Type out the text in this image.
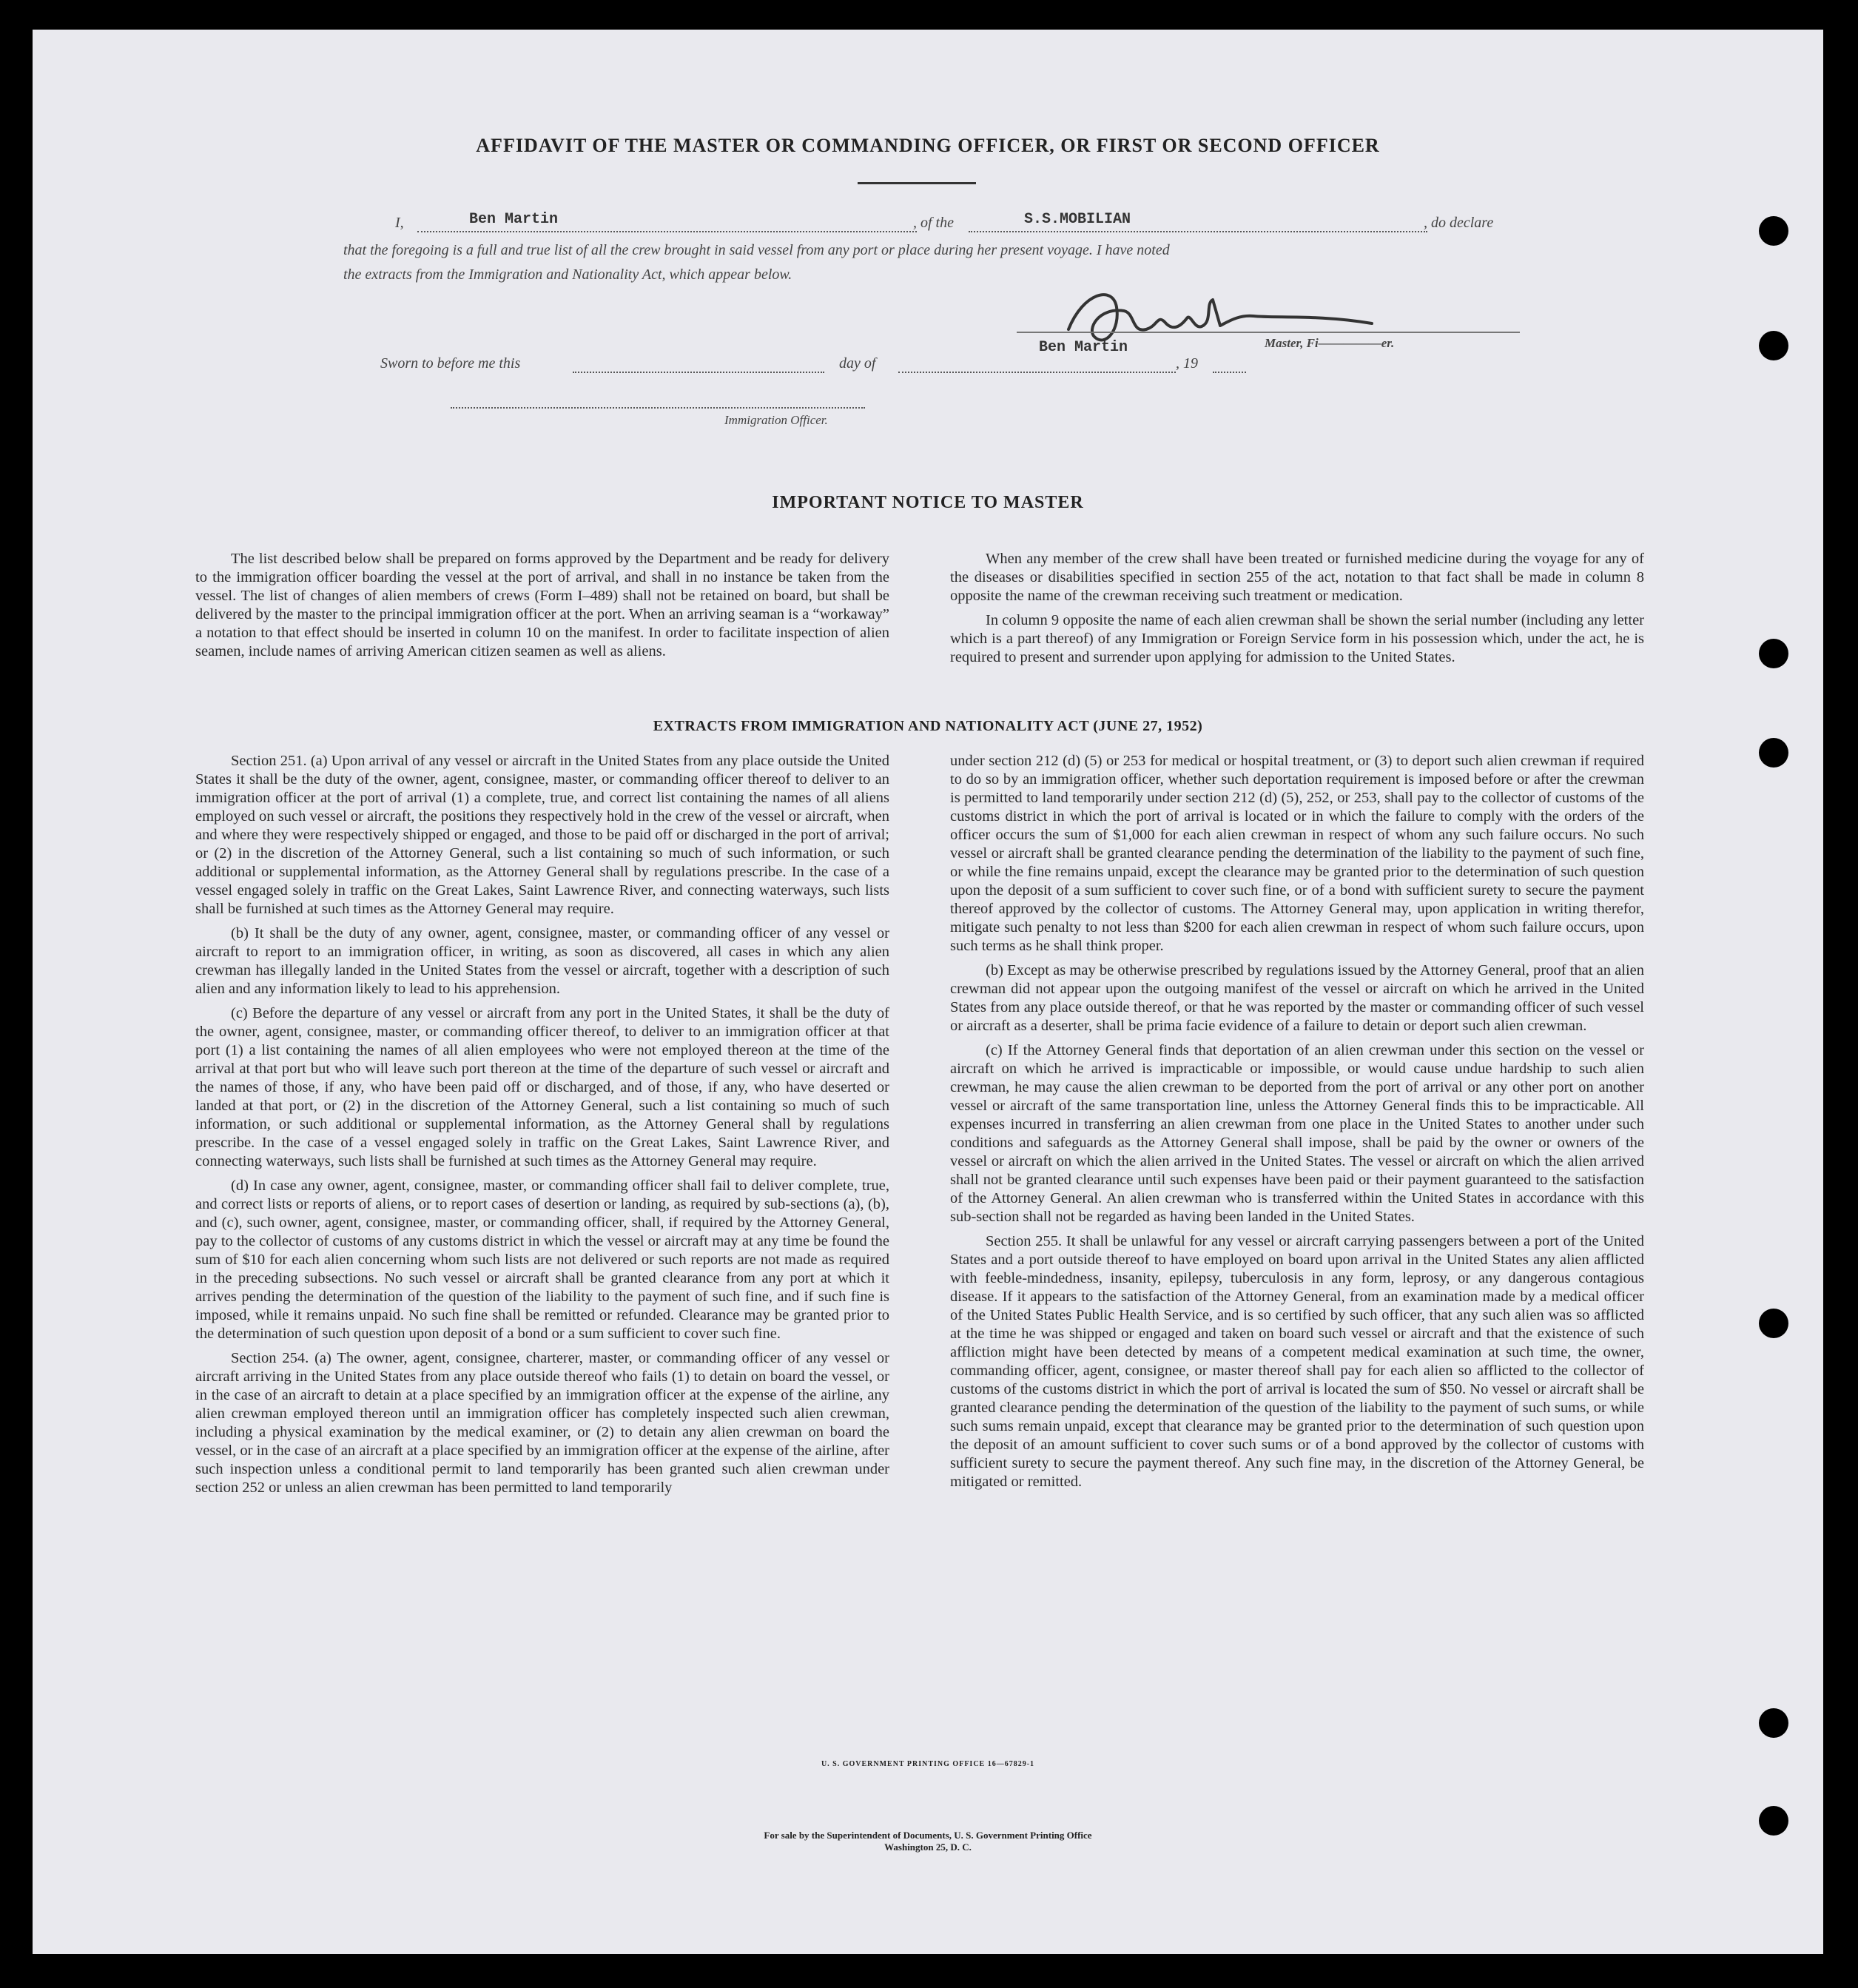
AFFIDAVIT OF THE MASTER OR COMMANDING OFFICER, OR FIRST OR SECOND OFFICER
I,	Ben Martin	, of the	S.S.MOBILIAN	, do declare
that the foregoing is a full and true list of all the crew brought in said vessel from any port or place during her present voyage. I have noted
the extracts from the Immigration and Nationality Act, which appear below.
Ben Martin	Master, Fi—————er.
Sworn to before me this	day of	, 19
Immigration Officer.
IMPORTANT NOTICE TO MASTER

The list described below shall be prepared on forms approved by the Department and be ready for delivery to the immigration officer boarding the vessel at the port of arrival, and shall in no instance be taken from the vessel. The list of changes of alien members of crews (Form I–489) shall not be retained on board, but shall be delivered by the master to the principal immigration officer at the port. When an arriving seaman is a “workaway” a notation to that effect should be inserted in column 10 on the manifest. In order to facilitate inspection of alien seamen, include names of arriving American citizen seamen as well as aliens.

When any member of the crew shall have been treated or furnished medicine during the voyage for any of the diseases or disabilities specified in section 255 of the act, notation to that fact shall be made in column 8 opposite the name of the crewman receiving such treatment or medication.

In column 9 opposite the name of each alien crewman shall be shown the serial number (including any letter which is a part thereof) of any Immigration or Foreign Service form in his possession which, under the act, he is required to present and surrender upon applying for admission to the United States.

EXTRACTS FROM IMMIGRATION AND NATIONALITY ACT (JUNE 27, 1952)

Section 251. (a) Upon arrival of any vessel or aircraft in the United States from any place outside the United States it shall be the duty of the owner, agent, consignee, master, or commanding officer thereof to deliver to an immigration officer at the port of arrival (1) a complete, true, and correct list containing the names of all aliens employed on such vessel or aircraft, the positions they respectively hold in the crew of the vessel or aircraft, when and where they were respectively shipped or engaged, and those to be paid off or discharged in the port of arrival; or (2) in the discretion of the Attorney General, such a list containing so much of such information, or such additional or supplemental information, as the Attorney General shall by regulations prescribe. In the case of a vessel engaged solely in traffic on the Great Lakes, Saint Lawrence River, and connecting waterways, such lists shall be furnished at such times as the Attorney General may require.

(b) It shall be the duty of any owner, agent, consignee, master, or commanding officer of any vessel or aircraft to report to an immigration officer, in writing, as soon as discovered, all cases in which any alien crewman has illegally landed in the United States from the vessel or aircraft, together with a description of such alien and any information likely to lead to his apprehension.

(c) Before the departure of any vessel or aircraft from any port in the United States, it shall be the duty of the owner, agent, consignee, master, or commanding officer thereof, to deliver to an immigration officer at that port (1) a list containing the names of all alien employees who were not employed thereon at the time of the arrival at that port but who will leave such port thereon at the time of the departure of such vessel or aircraft and the names of those, if any, who have been paid off or discharged, and of those, if any, who have deserted or landed at that port, or (2) in the discretion of the Attorney General, such a list containing so much of such information, or such additional or supplemental information, as the Attorney General shall by regulations prescribe. In the case of a vessel engaged solely in traffic on the Great Lakes, Saint Lawrence River, and connecting waterways, such lists shall be furnished at such times as the Attorney General may require.

(d) In case any owner, agent, consignee, master, or commanding officer shall fail to deliver complete, true, and correct lists or reports of aliens, or to report cases of desertion or landing, as required by sub-sections (a), (b), and (c), such owner, agent, consignee, master, or commanding officer, shall, if required by the Attorney General, pay to the collector of customs of any customs district in which the vessel or aircraft may at any time be found the sum of $10 for each alien concerning whom such lists are not delivered or such reports are not made as required in the preceding subsections. No such vessel or aircraft shall be granted clearance from any port at which it arrives pending the determination of the question of the liability to the payment of such fine, and if such fine is imposed, while it remains unpaid. No such fine shall be remitted or refunded. Clearance may be granted prior to the determination of such question upon deposit of a bond or a sum sufficient to cover such fine.

Section 254. (a) The owner, agent, consignee, charterer, master, or commanding officer of any vessel or aircraft arriving in the United States from any place outside thereof who fails (1) to detain on board the vessel, or in the case of an aircraft to detain at a place specified by an immigration officer at the expense of the airline, any alien crewman employed thereon until an immigration officer has completely inspected such alien crewman, including a physical examination by the medical examiner, or (2) to detain any alien crewman on board the vessel, or in the case of an aircraft at a place specified by an immigration officer at the expense of the airline, after such inspection unless a conditional permit to land temporarily has been granted such alien crewman under section 252 or unless an alien crewman has been permitted to land temporarily

under section 212 (d) (5) or 253 for medical or hospital treatment, or (3) to deport such alien crewman if required to do so by an immigration officer, whether such deportation requirement is imposed before or after the crewman is permitted to land temporarily under section 212 (d) (5), 252, or 253, shall pay to the collector of customs of the customs district in which the port of arrival is located or in which the failure to comply with the orders of the officer occurs the sum of $1,000 for each alien crewman in respect of whom any such failure occurs. No such vessel or aircraft shall be granted clearance pending the determination of the liability to the payment of such fine, or while the fine remains unpaid, except the clearance may be granted prior to the determination of such question upon the deposit of a sum sufficient to cover such fine, or of a bond with sufficient surety to secure the payment thereof approved by the collector of customs. The Attorney General may, upon application in writing therefor, mitigate such penalty to not less than $200 for each alien crewman in respect of whom such failure occurs, upon such terms as he shall think proper.

(b) Except as may be otherwise prescribed by regulations issued by the Attorney General, proof that an alien crewman did not appear upon the outgoing manifest of the vessel or aircraft on which he arrived in the United States from any place outside thereof, or that he was reported by the master or commanding officer of such vessel or aircraft as a deserter, shall be prima facie evidence of a failure to detain or deport such alien crewman.

(c) If the Attorney General finds that deportation of an alien crewman under this section on the vessel or aircraft on which he arrived is impracticable or impossible, or would cause undue hardship to such alien crewman, he may cause the alien crewman to be deported from the port of arrival or any other port on another vessel or aircraft of the same transportation line, unless the Attorney General finds this to be impracticable. All expenses incurred in transferring an alien crewman from one place in the United States to another under such conditions and safeguards as the Attorney General shall impose, shall be paid by the owner or owners of the vessel or aircraft on which the alien arrived in the United States. The vessel or aircraft on which the alien arrived shall not be granted clearance until such expenses have been paid or their payment guaranteed to the satisfaction of the Attorney General. An alien crewman who is transferred within the United States in accordance with this sub-section shall not be regarded as having been landed in the United States.

Section 255. It shall be unlawful for any vessel or aircraft carrying passengers between a port of the United States and a port outside thereof to have employed on board upon arrival in the United States any alien afflicted with feeble-mindedness, insanity, epilepsy, tuberculosis in any form, leprosy, or any dangerous contagious disease. If it appears to the satisfaction of the Attorney General, from an examination made by a medical officer of the United States Public Health Service, and is so certified by such officer, that any such alien was so afflicted at the time he was shipped or engaged and taken on board such vessel or aircraft and that the existence of such affliction might have been detected by means of a competent medical examination at such time, the owner, commanding officer, agent, consignee, or master thereof shall pay for each alien so afflicted to the collector of customs of the customs district in which the port of arrival is located the sum of $50. No vessel or aircraft shall be granted clearance pending the determination of the question of the liability to the payment of such sums, or while such sums remain unpaid, except that clearance may be granted prior to the determination of such question upon the deposit of an amount sufficient to cover such sums or of a bond approved by the collector of customs with sufficient surety to secure the payment thereof. Any such fine may, in the discretion of the Attorney General, be mitigated or remitted.

U. S. GOVERNMENT PRINTING OFFICE 16—67829-1
For sale by the Superintendent of Documents, U. S. Government Printing Office
Washington 25, D. C.
